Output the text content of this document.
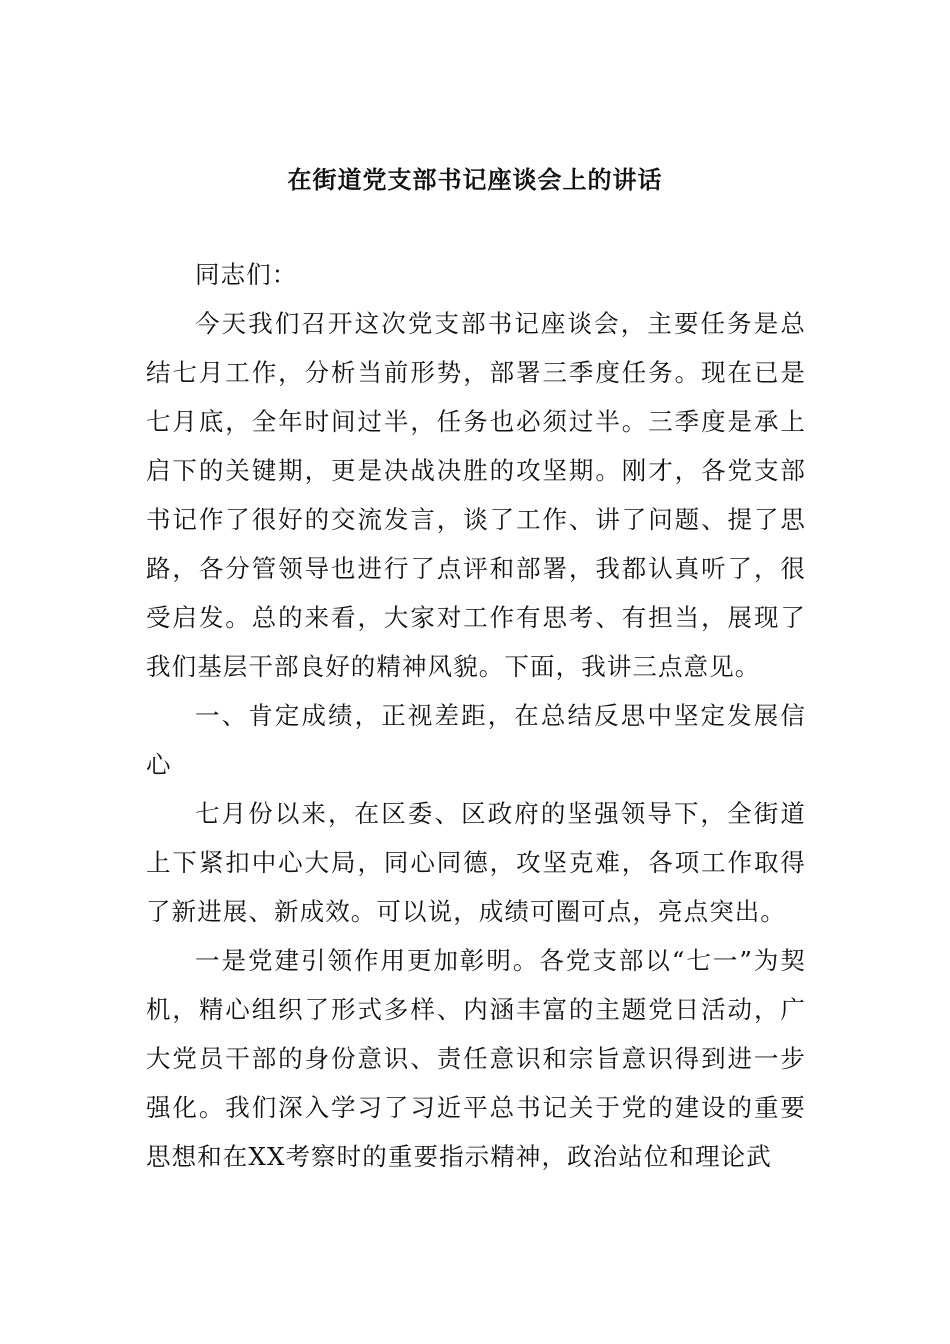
在街道党支部书记座谈会上的讲话

同志们：

今天我们召开这次党支部书记座谈会，主要任务是总结七月工作，分析当前形势，部署三季度任务。现在已是七月底，全年时间过半，任务也必须过半。三季度是承上启下的关键期，更是决战决胜的攻坚期。刚才，各党支部书记作了很好的交流发言，谈了工作、讲了问题、提了思路，各分管领导也进行了点评和部署，我都认真听了，很受启发。总的来看，大家对工作有思考、有担当，展现了我们基层干部良好的精神风貌。下面，我讲三点意见。

一、肯定成绩，正视差距，在总结反思中坚定发展信心

七月份以来，在区委、区政府的坚强领导下，全街道上下紧扣中心大局，同心同德，攻坚克难，各项工作取得了新进展、新成效。可以说，成绩可圈可点，亮点突出。

一是党建引领作用更加彰明。各党支部以“七一”为契机，精心组织了形式多样、内涵丰富的主题党日活动，广大党员干部的身份意识、责任意识和宗旨意识得到进一步强化。我们深入学习了习近平总书记关于党的建设的重要思想和在XX考察时的重要指示精神，政治站位和理论武
